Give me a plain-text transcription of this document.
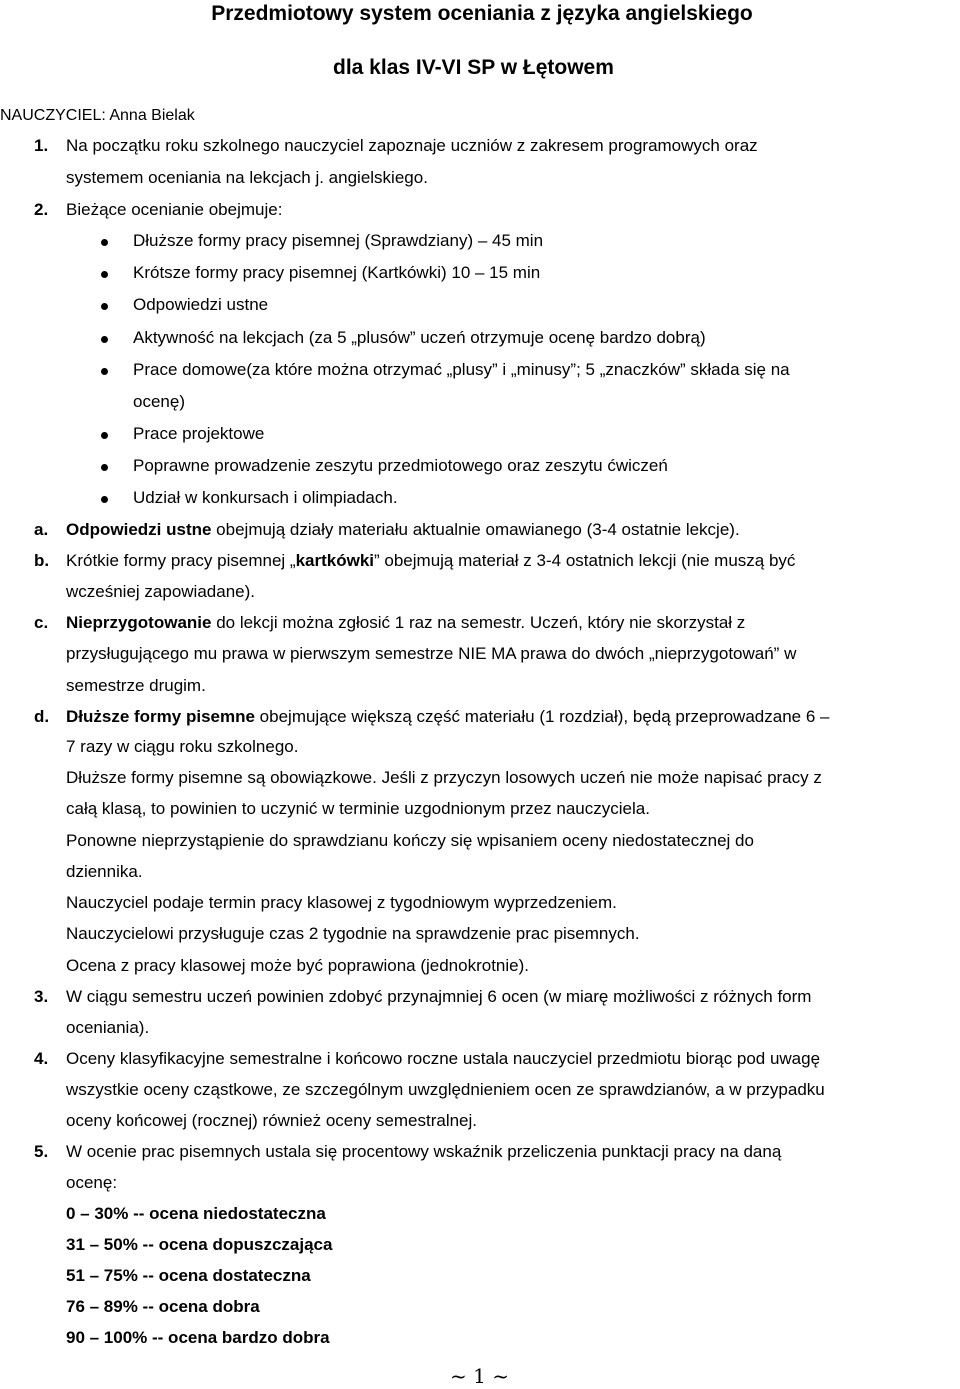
Przedmiotowy system oceniania z języka angielskiego
dla klas IV-VI SP w Łętowem
NAUCZYCIEL: Anna Bielak
1. Na początku roku szkolnego nauczyciel zapoznaje uczniów z zakresem programowych oraz
systemem oceniania na lekcjach j. angielskiego.
2. Bieżące ocenianie obejmuje:
Dłuższe formy pracy pisemnej (Sprawdziany) – 45 min
Krótsze formy pracy pisemnej (Kartkówki) 10 – 15 min
Odpowiedzi ustne
Aktywność na lekcjach (za 5 „plusów” uczeń otrzymuje ocenę bardzo dobrą)
Prace domowe(za które można otrzymać „plusy” i „minusy”; 5 „znaczków” składa się na
ocenę)
Prace projektowe
Poprawne prowadzenie zeszytu przedmiotowego oraz zeszytu ćwiczeń
Udział w konkursach i olimpiadach.
a. Odpowiedzi ustne obejmują działy materiału aktualnie omawianego (3-4 ostatnie lekcje).
b. Krótkie formy pracy pisemnej „kartkówki” obejmują materiał z 3-4 ostatnich lekcji (nie muszą być
wcześniej zapowiadane).
c. Nieprzygotowanie do lekcji można zgłosić 1 raz na semestr. Uczeń, który nie skorzystał z
przysługującego mu prawa w pierwszym semestrze NIE MA prawa do dwóch „nieprzygotowań” w
semestrze drugim.
d. Dłuższe formy pisemne obejmujące większą część materiału (1 rozdział), będą przeprowadzane 6 –
7 razy w ciągu roku szkolnego.
Dłuższe formy pisemne są obowiązkowe. Jeśli z przyczyn losowych uczeń nie może napisać pracy z
całą klasą, to powinien to uczynić w terminie uzgodnionym przez nauczyciela.
Ponowne nieprzystąpienie do sprawdzianu kończy się wpisaniem oceny niedostatecznej do
dziennika.
Nauczyciel podaje termin pracy klasowej z tygodniowym wyprzedzeniem.
Nauczycielowi przysługuje czas 2 tygodnie na sprawdzenie prac pisemnych.
Ocena z pracy klasowej może być poprawiona (jednokrotnie).
3. W ciągu semestru uczeń powinien zdobyć przynajmniej 6 ocen (w miarę możliwości z różnych form
oceniania).
4. Oceny klasyfikacyjne semestralne i końcowo roczne ustala nauczyciel przedmiotu biorąc pod uwagę
wszystkie oceny cząstkowe, ze szczególnym uwzględnieniem ocen ze sprawdzianów, a w przypadku
oceny końcowej (rocznej) również oceny semestralnej.
5. W ocenie prac pisemnych ustala się procentowy wskaźnik przeliczenia punktacji pracy na daną
ocenę:
0 – 30% -- ocena niedostateczna
31 – 50% -- ocena dopuszczająca
51 – 75% -- ocena dostateczna
76 – 89% -- ocena dobra
90 – 100% -- ocena bardzo dobra
~ 1 ~
